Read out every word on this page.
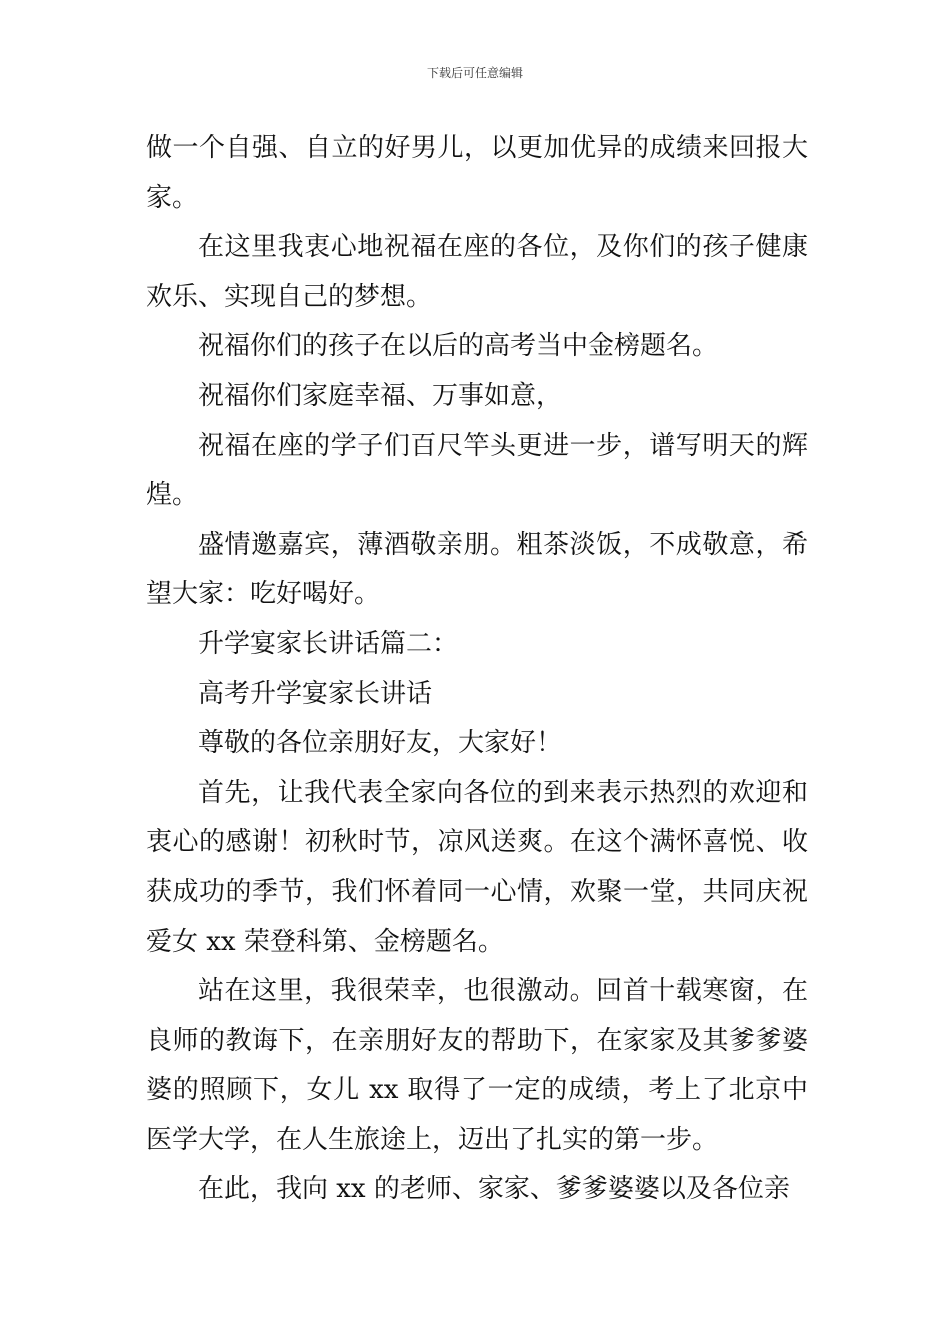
下载后可任意编辑

做一个自强、自立的好男儿，以更加优异的成绩来回报大家。

在这里我衷心地祝福在座的各位，及你们的孩子健康欢乐、实现自己的梦想。

祝福你们的孩子在以后的高考当中金榜题名。

祝福你们家庭幸福、万事如意，

祝福在座的学子们百尺竿头更进一步，谱写明天的辉煌。

盛情邀嘉宾，薄酒敬亲朋。粗茶淡饭，不成敬意，希望大家：吃好喝好。

升学宴家长讲话篇二：

高考升学宴家长讲话

尊敬的各位亲朋好友，大家好！

首先，让我代表全家向各位的到来表示热烈的欢迎和衷心的感谢！初秋时节，凉风送爽。在这个满怀喜悦、收获成功的季节，我们怀着同一心情，欢聚一堂，共同庆祝爱女 xx 荣登科第、金榜题名。

站在这里，我很荣幸，也很激动。回首十载寒窗，在良师的教诲下，在亲朋好友的帮助下，在家家及其爹爹婆婆的照顾下，女儿 xx 取得了一定的成绩，考上了北京中医学大学，在人生旅途上，迈出了扎实的第一步。

在此，我向 xx 的老师、家家、爹爹婆婆以及各位亲
